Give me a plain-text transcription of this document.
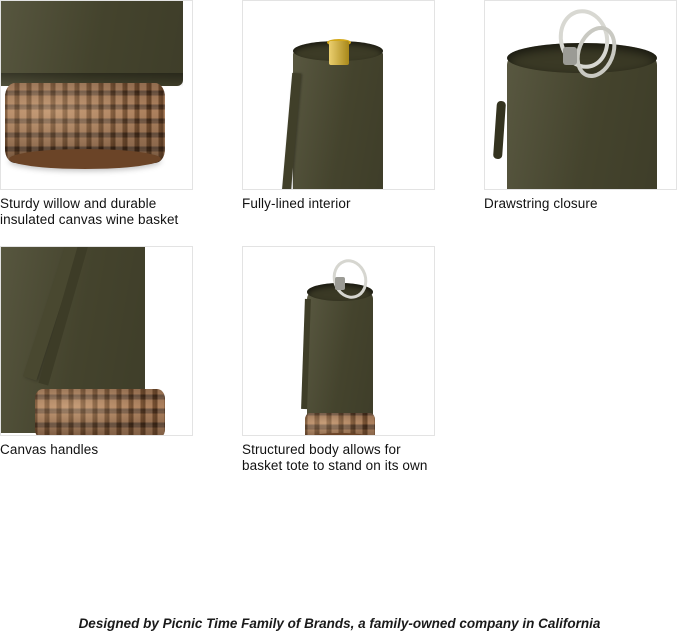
Sturdy willow and durable insulated canvas wine basket
Fully-lined interior	Drawstring closure
Canvas handles	Structured body allows for basket tote to stand on its own
Designed by Picnic Time Family of Brands, a family-owned company in California
